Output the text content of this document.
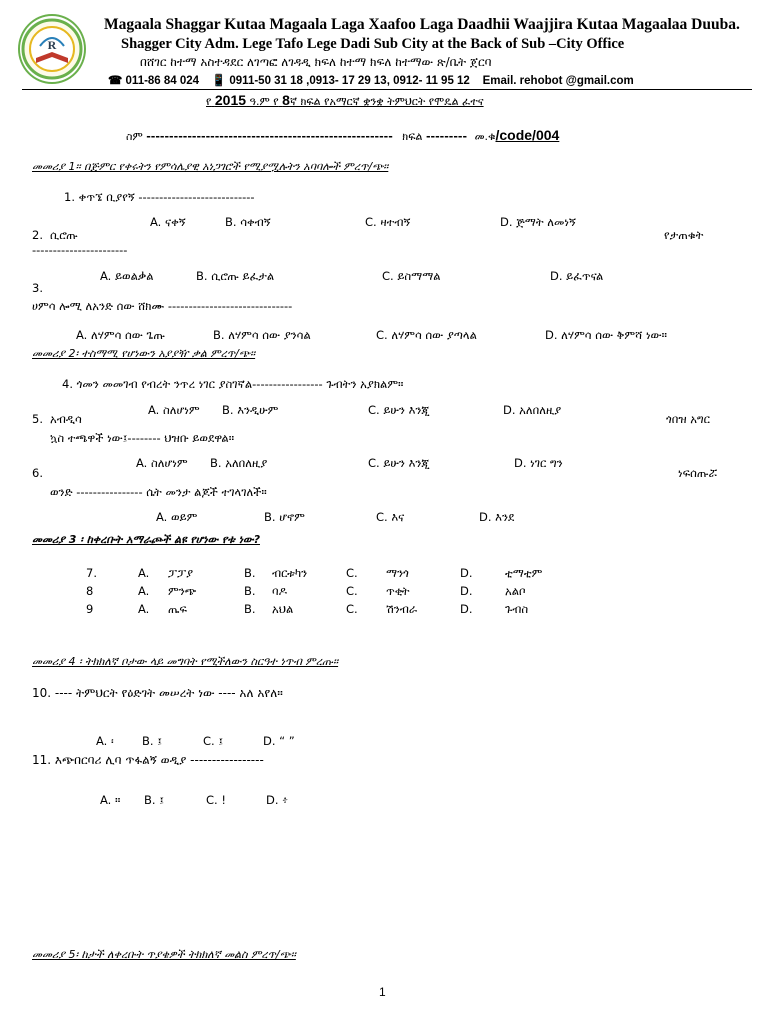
R
Magaala Shaggar Kutaa Magaala Laga Xaafoo Laga Daadhii Waajjira Kutaa Magaalaa Duuba.
Shagger City Adm. Lege Tafo Lege Dadi Sub City at the Back of Sub –City Office
በሸገር ከተማ አስተዳደር ለገጣፎ ለገዳዲ ክፍለ ከተማ ክፍለ ከተማው ጽ/ቤት ጀርባ
☎ 011-86 84 024 📱 0911-50 31 18 ,0913- 17 29 13, 0912- 11 95 12 Email. rehobot @gmail.com
የ 2015 ዓ.ም የ 8ኛ ክፍል የአማርኛ ቋንቋ ትምህርት የሞዴል ፈተና
ስም ------------------------------------------------------ ክፍል --------- መ.ቁ/code/004
መመሪያ 1፡፡ በጅምር የቀሩትን የምሳሌያዊ አነጋገሮች የሚያሟሉትን አባባሎች ምረጥ/ጭ።
1. ቀጥኜ ቢያየኝ ----------------------------
A. ናቀኝ	B. ሳቀብኝ	C. ዛተብኝ	D. ጅማት ለመነኝ
2. ሲሮጡ	የታጠቁት
-----------------------
A. ይወልቃል	B. ሲሮጡ ይፈታል	C. ይስማማል	D. ይፈጥናል
3.
ሀምሳ ሎሚ ለአንድ ሰው ሸክሙ ------------------------------
A. ለሃምሳ ሰው ጌጡ	B. ለሃምሳ ሰው ያንሳል	C. ለሃምሳ ሰው ያጣላል	D. ለሃምሳ ሰው ቅምሻ ነው።
መመሪያ 2፡ ተስማሚ የሆነውን አያያዥ ቃል ምረጥ/ጭ።
4. ጎመን መመገብ የብረት ንጥረ ነገር ያስገኛል----------------- ጉብትን አያክልም።
A. ስለሆነም B. እንዲሁም	C. ይሁን እንጂ	D. አለበለዚያ
5. አብዲሳ	ጎበዝ አግር
ኳስ ተጫዋች ነው፤-------- ህዝቡ ይወደዋል።
A. ስለሆነም B. አለበለዚያ	C. ይሁን እንጂ	D. ነገር ግን
6.	ነፍሰጡሯ
ወንድ ---------------- ሴት መንታ ልጆች ተገላገለች።
A. ወይም	B. ሆኖም	C. እና	D. እንደ
መመሪያ 3 ፡ ከቀረቡት አማራጮች ልዩ የሆነው የቱ ነው?
7.	A. ፓፓያ	B. ብርቱካን	C. ማንጎ	D.	ቲማቲም
8	A. ምንጭ	B. ባዶ	C. ጥቂት	D.	አልቦ
9	A. ጤፍ	B. አህል	C. ሽንብራ	D.	ጉብስ
መመሪያ 4 ፡ ትክክለኛ ቦታው ላይ መግባት የሚችለውን ስርዓተ ነጥብ ምረጡ።
10. ---- ትምህርት የዕድገት መሠረት ነው ---- አለ አየለ።
A. ፡ B. ፤	C. ፤	D. “ ”
11. እጭበርባሪ ሊባ ጥፋልኝ ወዲያ -----------------
A. ። B. ፤	C. !	D. ፥
መመሪያ 5፡ ከታች ለቀረቡት ጥያቄዎች ትክክለኛ መልስ ምረጥ/ጭ።
1
